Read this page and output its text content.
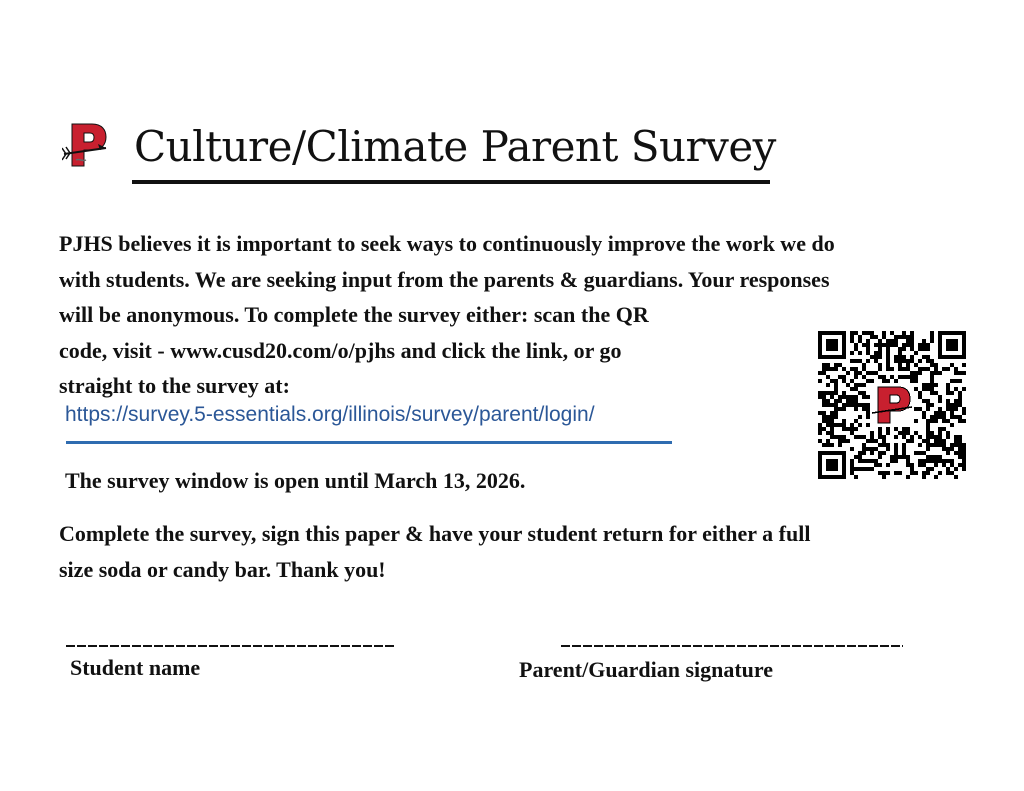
Culture/Climate Parent Survey
PJHS believes it is important to seek ways to continuously improve the work we do
with students. We are seeking input from the parents & guardians. Your responses
will be anonymous. To complete the survey either: scan the QR
code, visit - www.cusd20.com/o/pjhs and click the link, or go
straight to the survey at:
https://survey.5-essentials.org/illinois/survey/parent/login/
The survey window is open until March 13, 2026.
Complete the survey, sign this paper & have your student return for either a full
size soda or candy bar. Thank you!
Student name	Parent/Guardian signature
